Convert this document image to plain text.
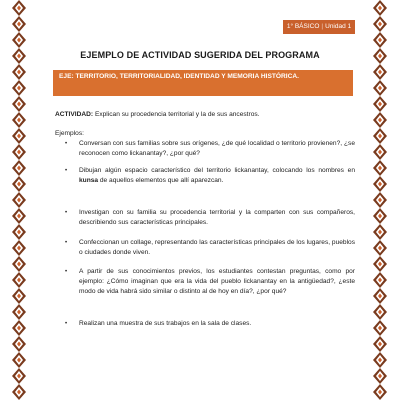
1° BÁSICO | Unidad 1
EJEMPLO DE ACTIVIDAD SUGERIDA DEL PROGRAMA
EJE: TERRITORIO, TERRITORIALIDAD, IDENTIDAD Y MEMORIA HISTÓRICA.
ACTIVIDAD: Explican su procedencia territorial y la de sus ancestros.
Ejemplos:
• Conversan con sus familias sobre sus orígenes, ¿de qué localidad o territorio provienen?, ¿se reconocen como lickanantay?, ¿por qué?
• Dibujan algún espacio característico del territorio lickanantay, colocando los nombres en kunsa de aquellos elementos que allí aparezcan.
• Investigan con su familia su procedencia territorial y la comparten con sus compañeros, describiendo sus características principales.
• Confeccionan un collage, representando las características principales de los lugares, pueblos o ciudades donde viven.
• A partir de sus conocimientos previos, los estudiantes contestan preguntas, como por ejemplo: ¿Cómo imaginan que era la vida del pueblo lickanantay en la antigüedad?, ¿este modo de vida habrá sido similar o distinto al de hoy en día?, ¿por qué?
• Realizan una muestra de sus trabajos en la sala de clases.
